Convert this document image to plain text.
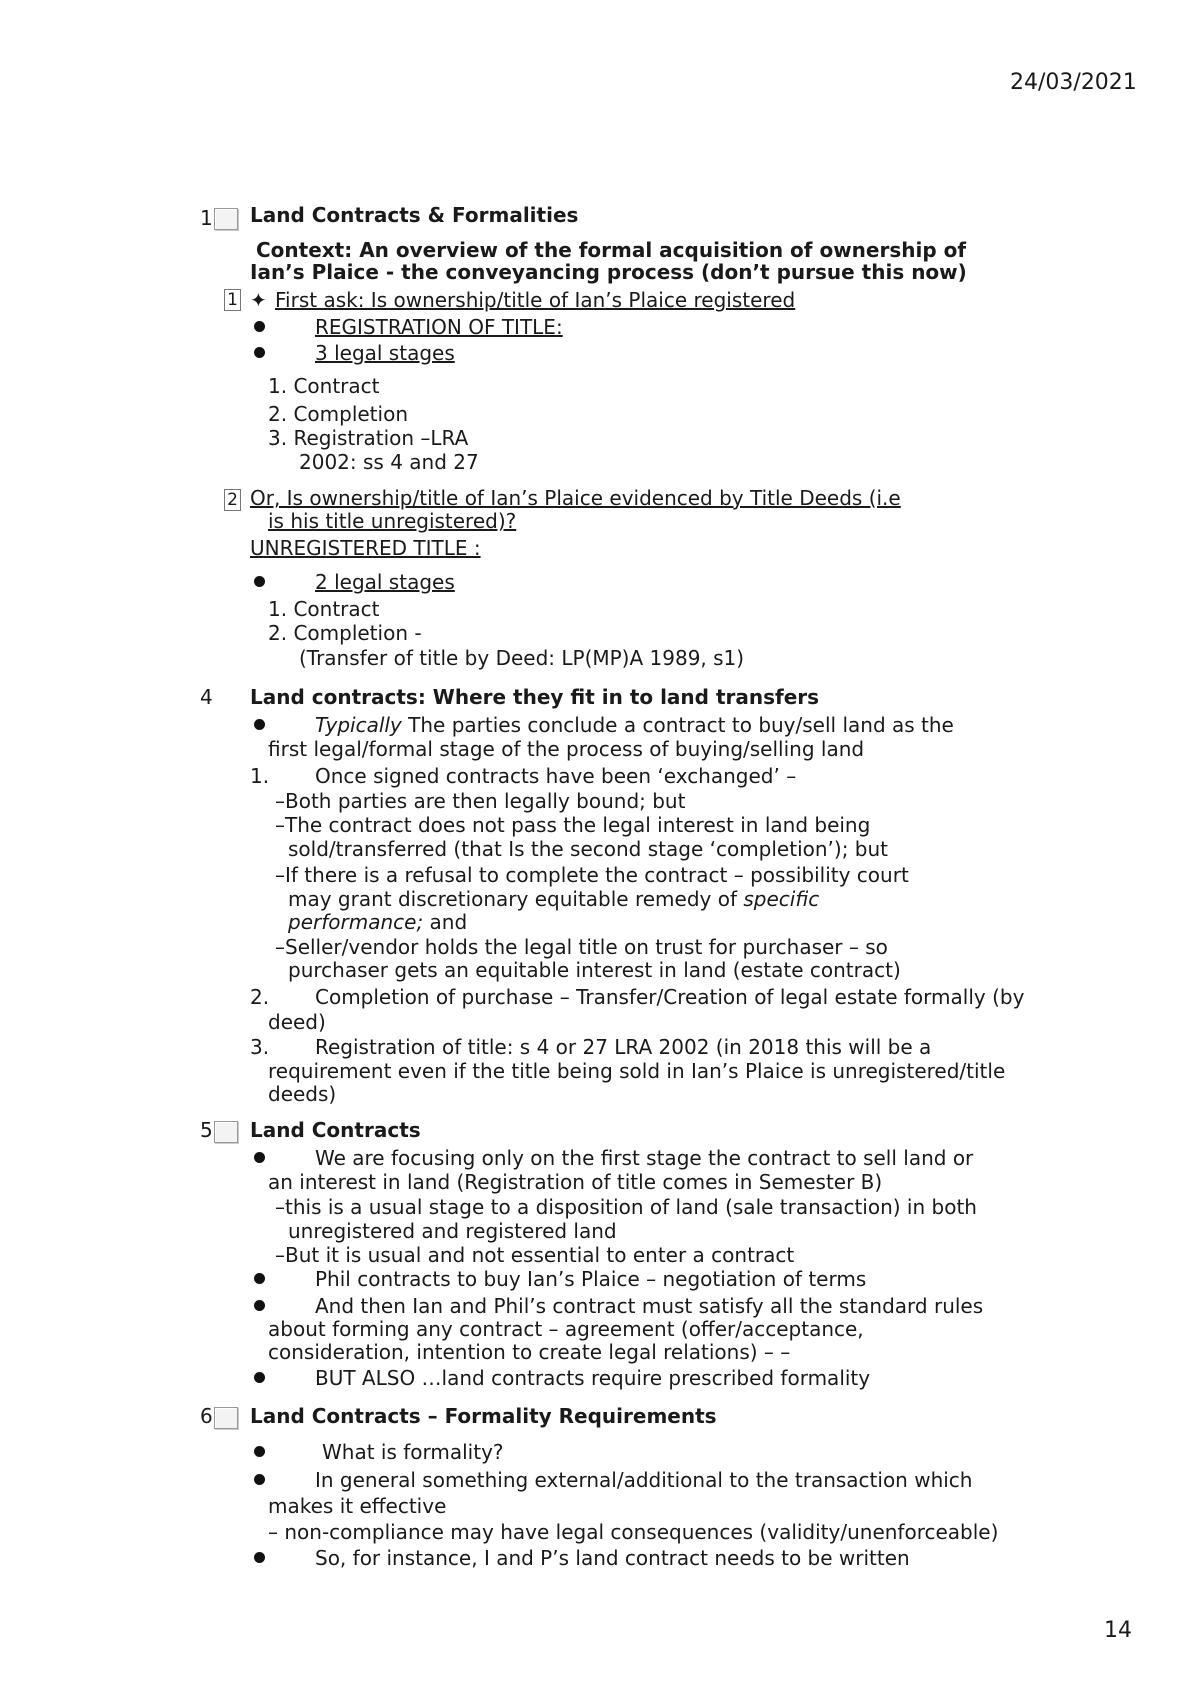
24/03/2021
14
1 Land Contracts & Formalities
Context: An overview of the formal acquisition of ownership of
Ian’s Plaice - the conveyancing process (don’t pursue this now)
1 ✦ First ask: Is ownership/title of Ian’s Plaice registered
REGISTRATION OF TITLE:
3 legal stages
1. Contract
2. Completion
3. Registration –LRA
2002: ss 4 and 27
2 Or, Is ownership/title of Ian’s Plaice evidenced by Title Deeds (i.e
is his title unregistered)?
UNREGISTERED TITLE :
2 legal stages
1. Contract
2. Completion -
(Transfer of title by Deed: LP(MP)A 1989, s1)
4 Land contracts: Where they fit in to land transfers
Typically The parties conclude a contract to buy/sell land as the
first legal/formal stage of the process of buying/selling land
1. Once signed contracts have been ‘exchanged’ –
–Both parties are then legally bound; but
–The contract does not pass the legal interest in land being
sold/transferred (that Is the second stage ‘completion’); but
–If there is a refusal to complete the contract – possibility court
may grant discretionary equitable remedy of specific
performance; and
–Seller/vendor holds the legal title on trust for purchaser – so
purchaser gets an equitable interest in land (estate contract)
2. Completion of purchase – Transfer/Creation of legal estate formally (by
deed)
3. Registration of title: s 4 or 27 LRA 2002 (in 2018 this will be a
requirement even if the title being sold in Ian’s Plaice is unregistered/title
deeds)
5 Land Contracts
We are focusing only on the first stage the contract to sell land or
an interest in land (Registration of title comes in Semester B)
–this is a usual stage to a disposition of land (sale transaction) in both
unregistered and registered land
–But it is usual and not essential to enter a contract
Phil contracts to buy Ian’s Plaice – negotiation of terms
And then Ian and Phil’s contract must satisfy all the standard rules
about forming any contract – agreement (offer/acceptance,
consideration, intention to create legal relations) – –
BUT ALSO …land contracts require prescribed formality
6 Land Contracts – Formality Requirements
What is formality?
In general something external/additional to the transaction which
makes it effective
– non-compliance may have legal consequences (validity/unenforceable)
So, for instance, I and P’s land contract needs to be written
